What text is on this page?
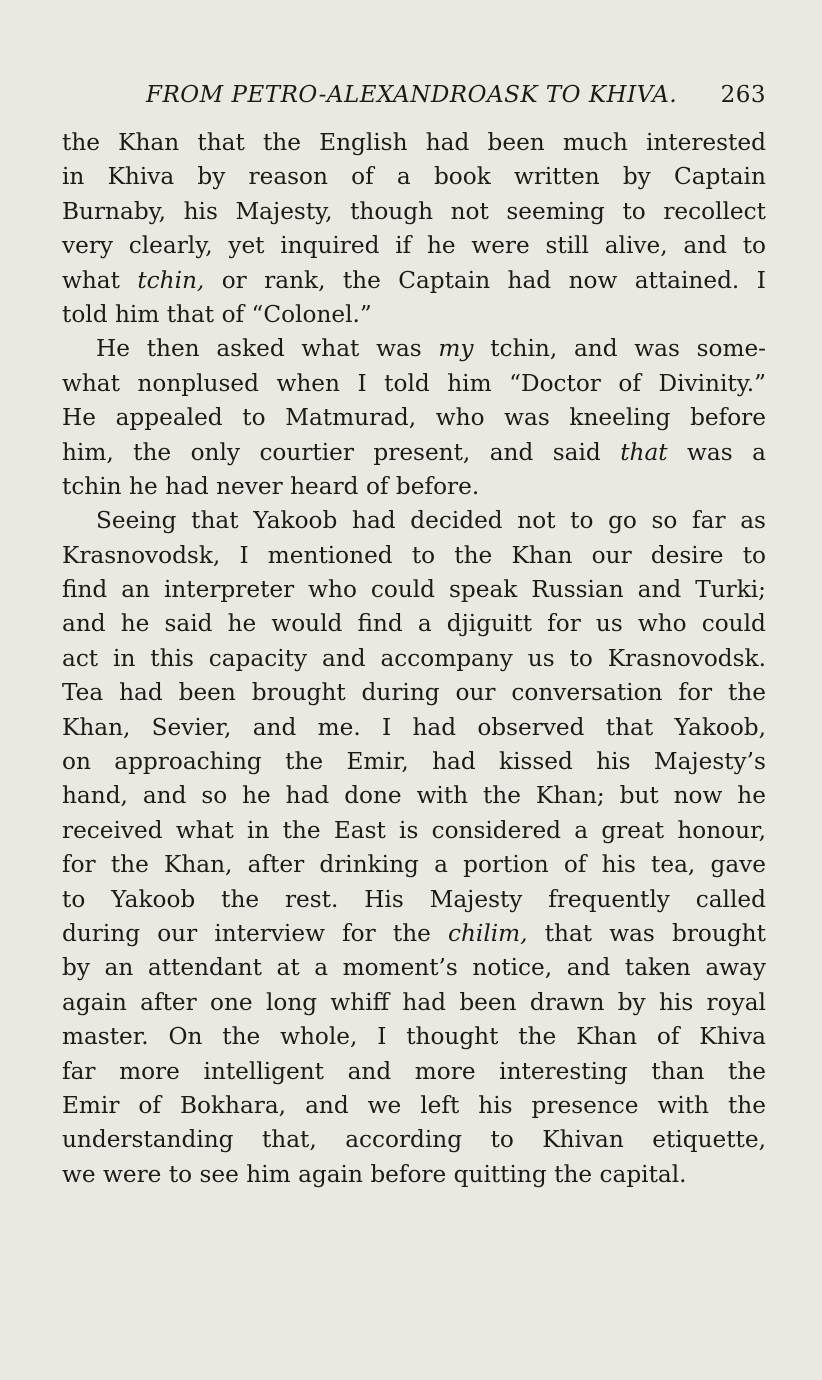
FROM PETRO-ALEXANDROASK TO KHIVA. 263
the Khan that the English had been much interested
in Khiva by reason of a book written by Captain
Burnaby, his Majesty, though not seeming to recollect
very clearly, yet inquired if he were still alive, and to
what tchin, or rank, the Captain had now attained. I
told him that of “Colonel.”
He then asked what was my tchin, and was some-
what nonplused when I told him “Doctor of Divinity.”
He appealed to Matmurad, who was kneeling before
him, the only courtier present, and said that was a
tchin he had never heard of before.
Seeing that Yakoob had decided not to go so far as
Krasnovodsk, I mentioned to the Khan our desire to
find an interpreter who could speak Russian and Turki;
and he said he would find a djiguitt for us who could
act in this capacity and accompany us to Krasnovodsk.
Tea had been brought during our conversation for the
Khan, Sevier, and me. I had observed that Yakoob,
on approaching the Emir, had kissed his Majesty’s
hand, and so he had done with the Khan; but now he
received what in the East is considered a great honour,
for the Khan, after drinking a portion of his tea, gave
to Yakoob the rest. His Majesty frequently called
during our interview for the chilim, that was brought
by an attendant at a moment’s notice, and taken away
again after one long whiff had been drawn by his royal
master. On the whole, I thought the Khan of Khiva
far more intelligent and more interesting than the
Emir of Bokhara, and we left his presence with the
understanding that, according to Khivan etiquette,
we were to see him again before quitting the capital.
